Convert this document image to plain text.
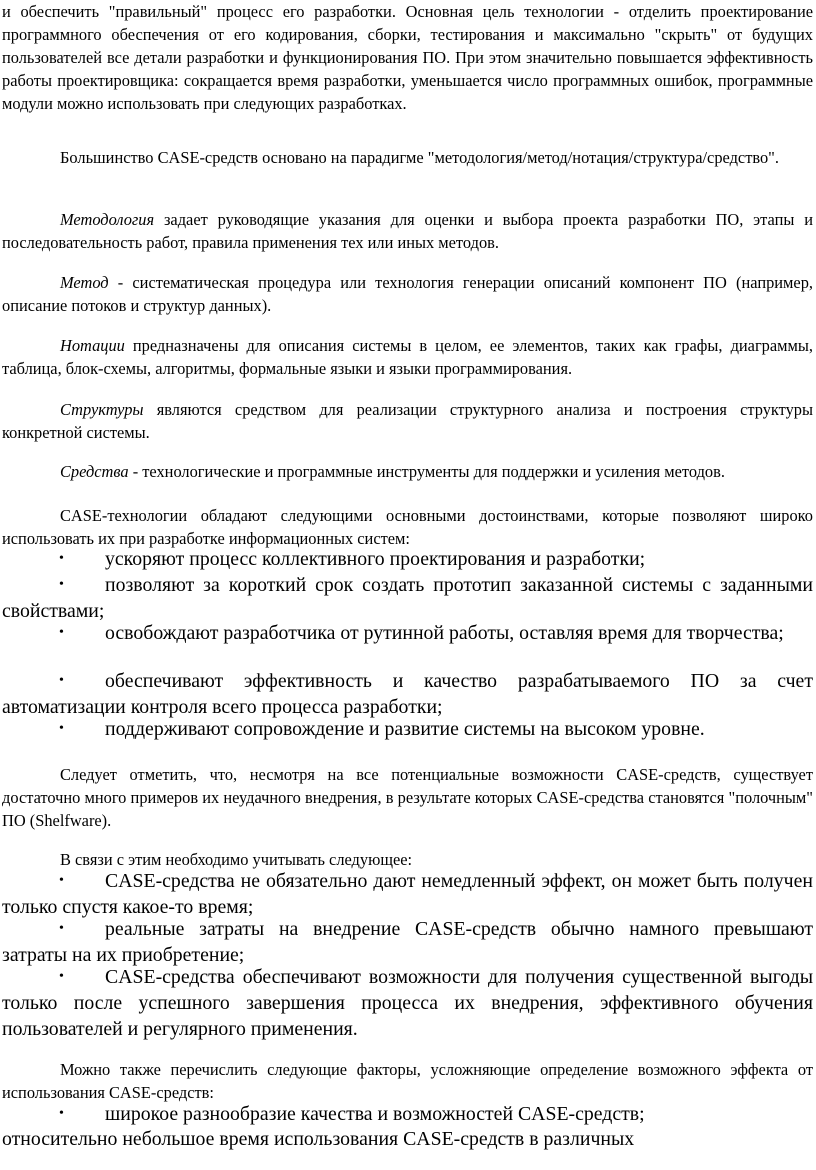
и обеспечить "правильный" процесс его разработки. Основная цель технологии - отделить проектирование программного обеспечения от его кодирования, сборки, тестирования и максимально "скрыть" от будущих пользователей все детали разработки и функционирования ПО. При этом значительно повышается эффективность работы проектировщика: сокращается время разработки, уменьшается число программных ошибок, программные модули можно использовать при следующих разработках.

Большинство CASE-средств основано на парадигме "методология/метод/нотация/структура/средство".

Методология задает руководящие указания для оценки и выбора проекта разработки ПО, этапы и последовательность работ, правила применения тех или иных методов.

Метод - систематическая процедура или технология генерации описаний компонент ПО (например, описание потоков и структур данных).

Нотации предназначены для описания системы в целом, ее элементов, таких как графы, диаграммы, таблица, блок-схемы, алгоритмы, формальные языки и языки программирования.

Структуры являются средством для реализации структурного анализа и построения структуры конкретной системы.

Средства - технологические и программные инструменты для поддержки и усиления методов.

CASE-технологии обладают следующими основными достоинствами, которые позволяют широко использовать их при разработке информационных систем:

•	ускоряют процесс коллективного проектирования и разработки;
•	позволяют за короткий срок создать прототип заказанной системы с заданными свойствами;
•	освобождают разработчика от рутинной работы, оставляя время для творчества;
•	обеспечивают эффективность и качество разрабатываемого ПО за счет автоматизации контроля всего процесса разработки;
•	поддерживают сопровождение и развитие системы на высоком уровне.

Следует отметить, что, несмотря на все потенциальные возможности CASE-средств, существует достаточно много примеров их неудачного внедрения, в результате которых CASE-средства становятся "полочным" ПО (Shelfware).

В связи с этим необходимо учитывать следующее:

•	CASE-средства не обязательно дают немедленный эффект, он может быть получен только спустя какое-то время;
•	реальные затраты на внедрение CASE-средств обычно намного превышают затраты на их приобретение;
•	CASE-средства обеспечивают возможности для получения существенной выгоды только после успешного завершения процесса их внедрения, эффективного обучения пользователей и регулярного применения.

Можно также перечислить следующие факторы, усложняющие определение возможного эффекта от использования CASE-средств:

•	широкое разнообразие качества и возможностей CASE-средств;

относительно небольшое время использования CASE-средств в различных
